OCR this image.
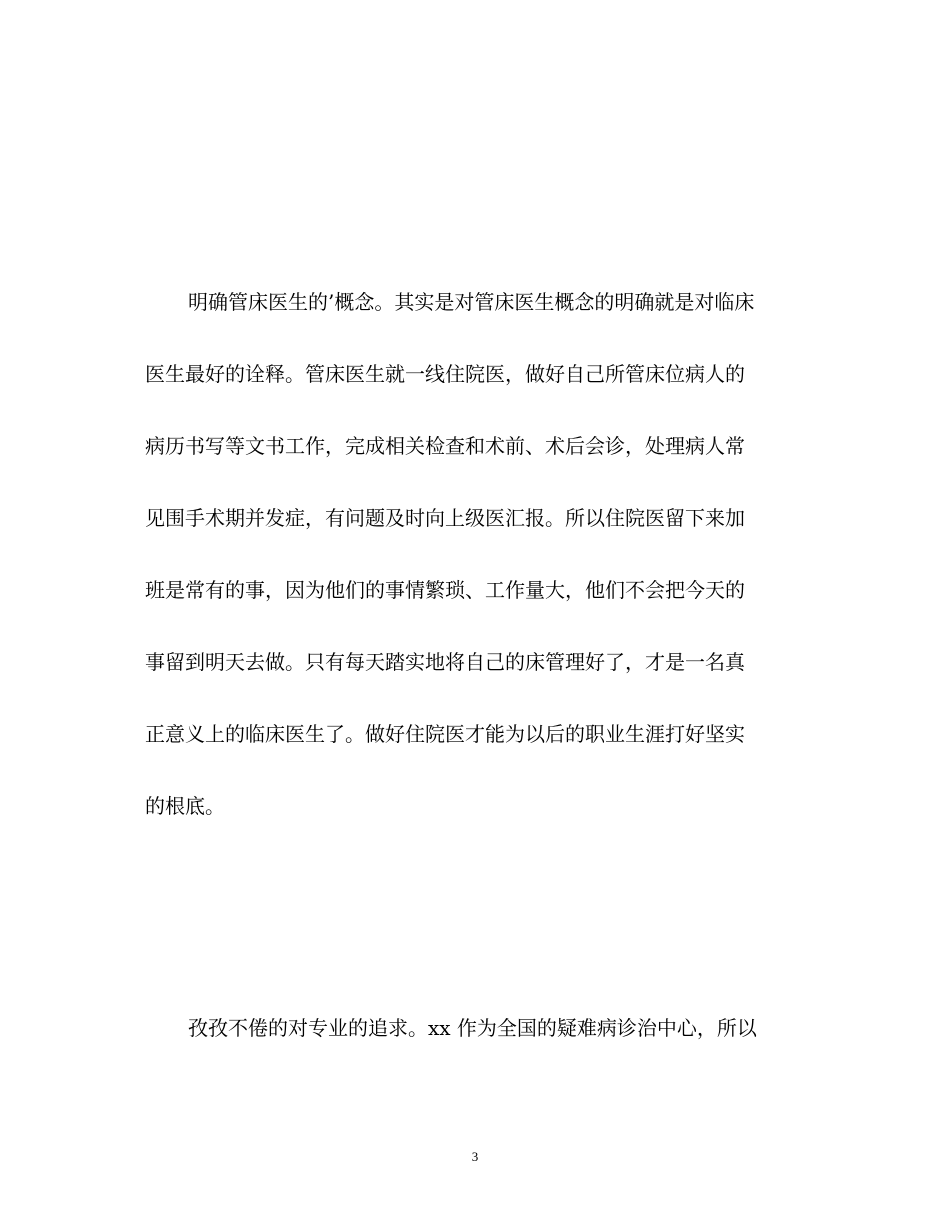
明确管床医生的’概念。其实是对管床医生概念的明确就是对临床
医生最好的诠释。管床医生就一线住院医，做好自己所管床位病人的
病历书写等文书工作，完成相关检查和术前、术后会诊，处理病人常
见围手术期并发症，有问题及时向上级医汇报。所以住院医留下来加
班是常有的事，因为他们的事情繁琐、工作量大，他们不会把今天的
事留到明天去做。只有每天踏实地将自己的床管理好了，才是一名真
正意义上的临床医生了。做好住院医才能为以后的职业生涯打好坚实
的根底。
孜孜不倦的对专业的追求。xx 作为全国的疑难病诊治中心，所以
3
